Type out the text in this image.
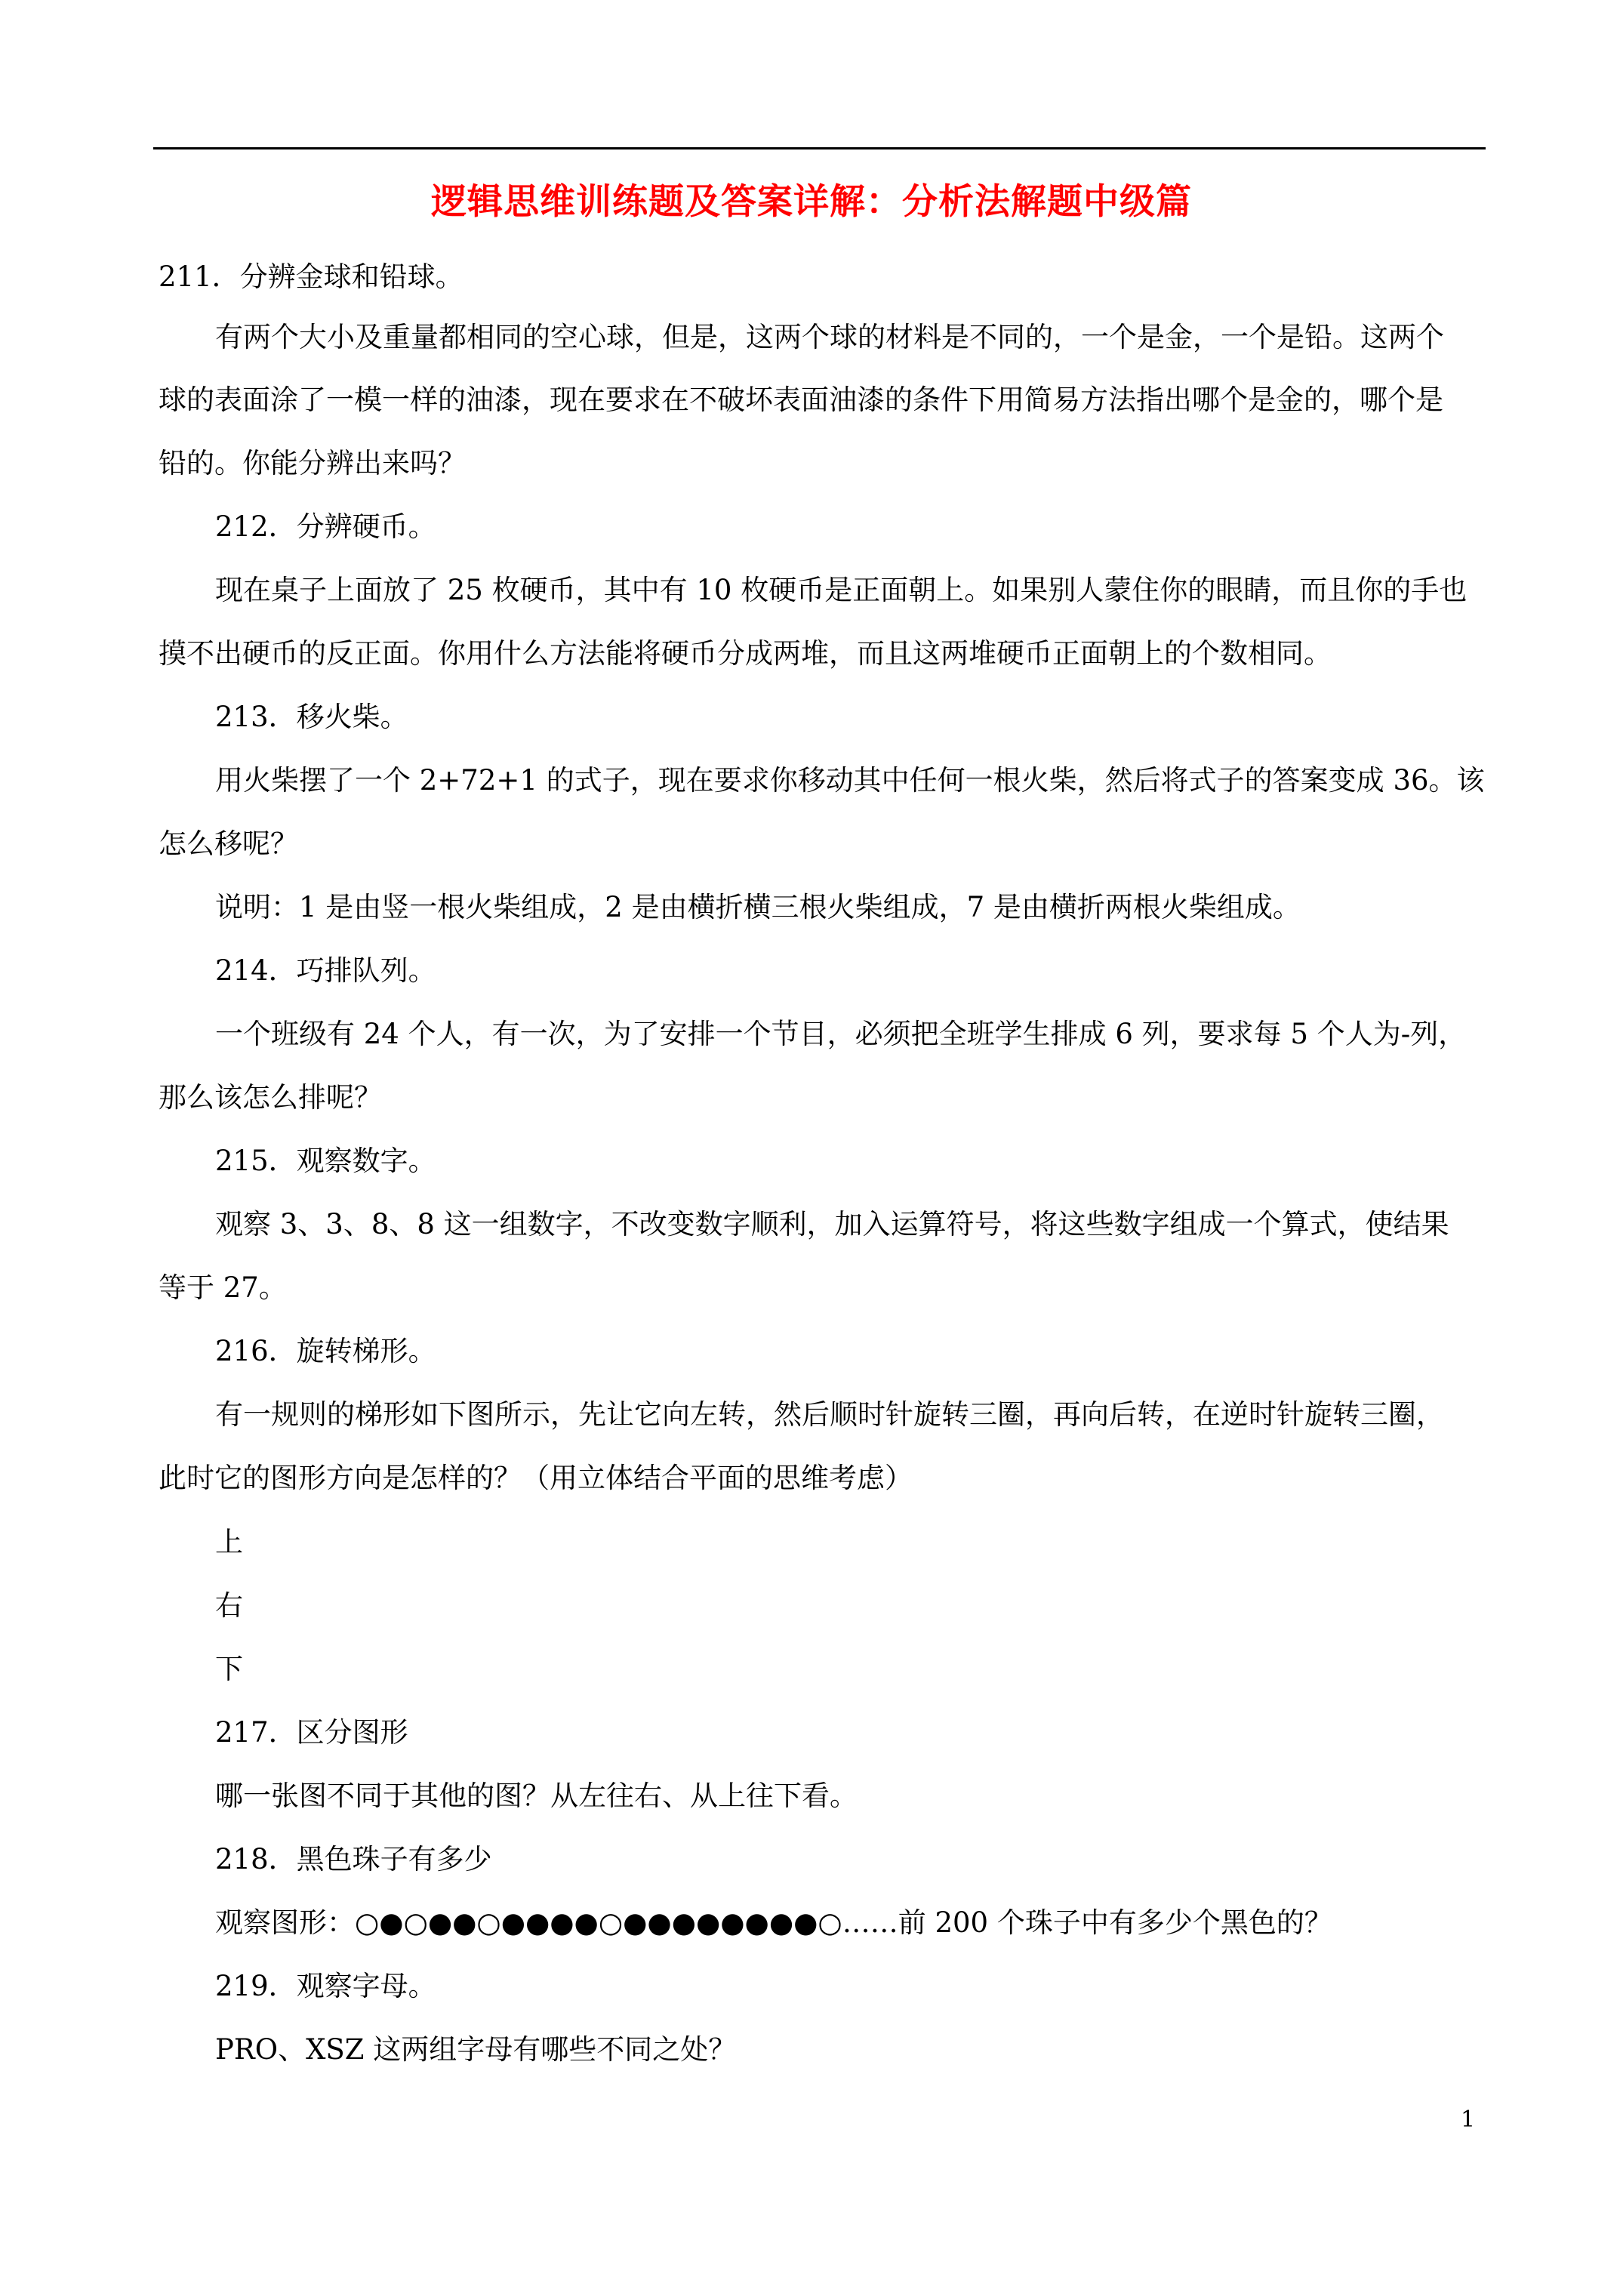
逻辑思维训练题及答案详解：分析法解题中级篇
211．分辨金球和铅球。
有两个大小及重量都相同的空心球，但是，这两个球的材料是不同的，一个是金，一个是铅。这两个
球的表面涂了一模一样的油漆，现在要求在不破坏表面油漆的条件下用简易方法指出哪个是金的，哪个是
铅的。你能分辨出来吗？
212．分辨硬币。
现在桌子上面放了 25 枚硬币，其中有 10 枚硬币是正面朝上。如果别人蒙住你的眼睛，而且你的手也
摸不出硬币的反正面。你用什么方法能将硬币分成两堆，而且这两堆硬币正面朝上的个数相同。
213．移火柴。
用火柴摆了一个 2+72+1 的式子，现在要求你移动其中任何一根火柴，然后将式子的答案变成 36。该
怎么移呢？
说明：1 是由竖一根火柴组成，2 是由横折横三根火柴组成，7 是由横折两根火柴组成。
214．巧排队列。
一个班级有 24 个人，有一次，为了安排一个节目，必须把全班学生排成 6 列，要求每 5 个人为-列，
那么该怎么排呢？
215．观察数字。
观察 3、3、8、8 这一组数字，不改变数字顺利，加入运算符号，将这些数字组成一个算式，使结果
等于 27。
216．旋转梯形。
有一规则的梯形如下图所示，先让它向左转，然后顺时针旋转三圈，再向后转，在逆时针旋转三圈，
此时它的图形方向是怎样的？（用立体结合平面的思维考虑）
上
右
下
217．区分图形
哪一张图不同于其他的图？从左往右、从上往下看。
218．黑色珠子有多少
观察图形：○●○●●○●●●●○●●●●●●●●○……前 200 个珠子中有多少个黑色的？
219．观察字母。
PRO、XSZ 这两组字母有哪些不同之处？
1
